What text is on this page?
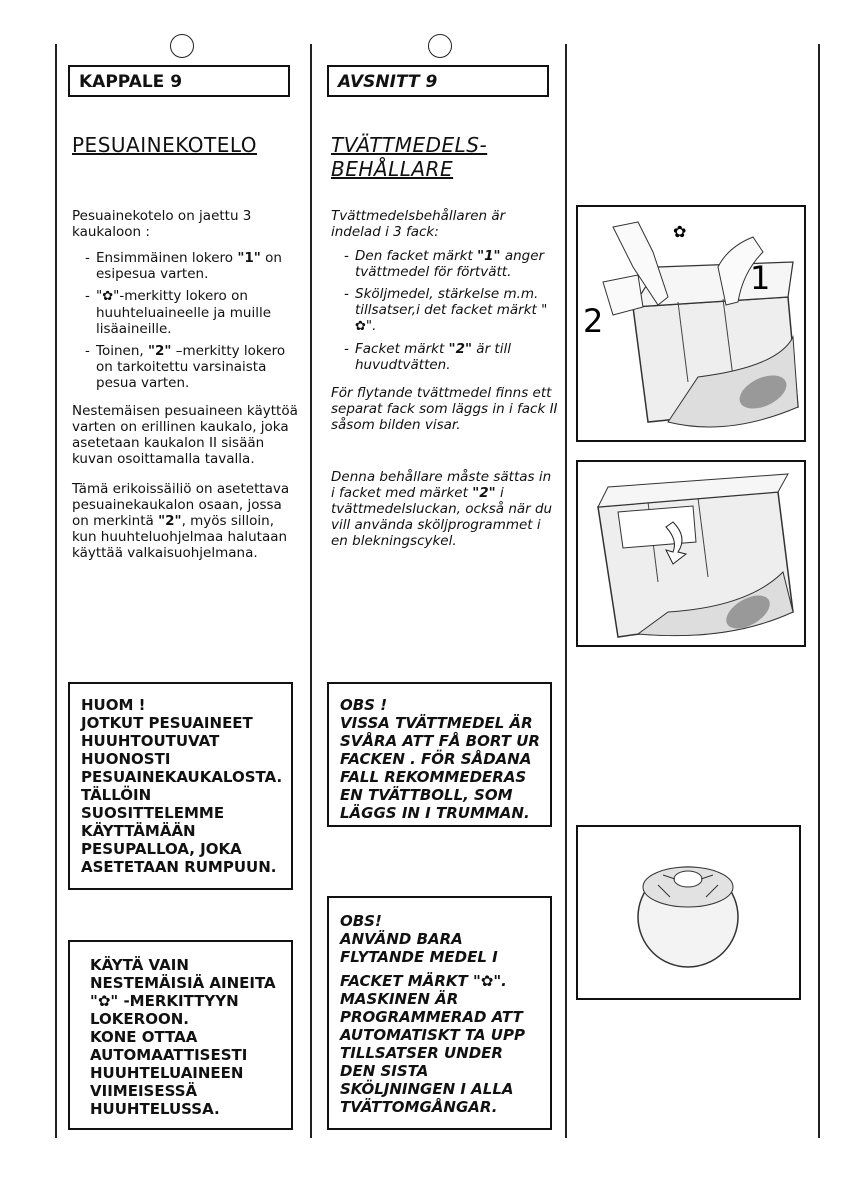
KAPPALE 9
PESUAINEKOTELO

Pesuainekotelo on jaettu 3 kaukaloon :

- Ensimmäinen lokero "1" on esipesua varten.
- "✿"-merkitty lokero on huuhteluaineelle ja muille lisäaineille.
- Toinen, "2" –merkitty lokero on tarkoitettu varsinaista pesua varten.

Nestemäisen pesuaineen käyttöä varten on erillinen kaukalo, joka asetetaan kaukalon II sisään kuvan osoittamalla tavalla.

Tämä erikoissäiliö on asetettava pesuainekaukalon osaan, jossa on merkintä "2", myös silloin, kun huuhteluohjelmaa halutaan käyttää valkaisuohjelmana.

HUOM !
JOTKUT PESUAINEET HUUHTOUTUVAT HUONOSTI PESUAINEKAUKALOSTA. TÄLLÖIN SUOSITTELEMME KÄYTTÄMÄÄN PESUPALLOA, JOKA ASETETAAN RUMPUUN.
KÄYTÄ VAIN NESTEMÄISIÄ AINEITA "✿" -MERKITTYYN LOKEROON.
KONE OTTAA AUTOMAATTISESTI HUUHTELUAINEEN VIIMEISESSÄ HUUHTELUSSA.
AVSNITT 9
TVÄTTMEDELS-
BEHÅLLARE

Tvättmedelsbehållaren är indelad i 3 fack:

- Den facket märkt "1" anger tvättmedel för förtvätt.
- Sköljmedel, stärkelse m.m. tillsatser,i det facket märkt " ✿".
- Facket märkt "2" är till huvudtvätten.

För flytande tvättmedel finns ett separat fack som läggs in i fack II såsom bilden visar.

Denna behållare måste sättas in i facket med märket "2" i tvättmedelsluckan, också när du vill använda sköljprogrammet i en blekningscykel.

OBS !
VISSA TVÄTTMEDEL ÄR SVÅRA ATT FÅ BORT UR FACKEN . FÖR SÅDANA FALL REKOMMEDERAS EN TVÄTTBOLL, SOM LÄGGS IN I TRUMMAN.
OBS!
ANVÄND BARA FLYTANDE MEDEL I
FACKET MÄRKT "✿".
MASKINEN ÄR PROGRAMMERAD ATT AUTOMATISKT TA UPP TILLSATSER UNDER DEN SISTA SKÖLJNINGEN I ALLA TVÄTTOMGÅNGAR.
✿
1
2
